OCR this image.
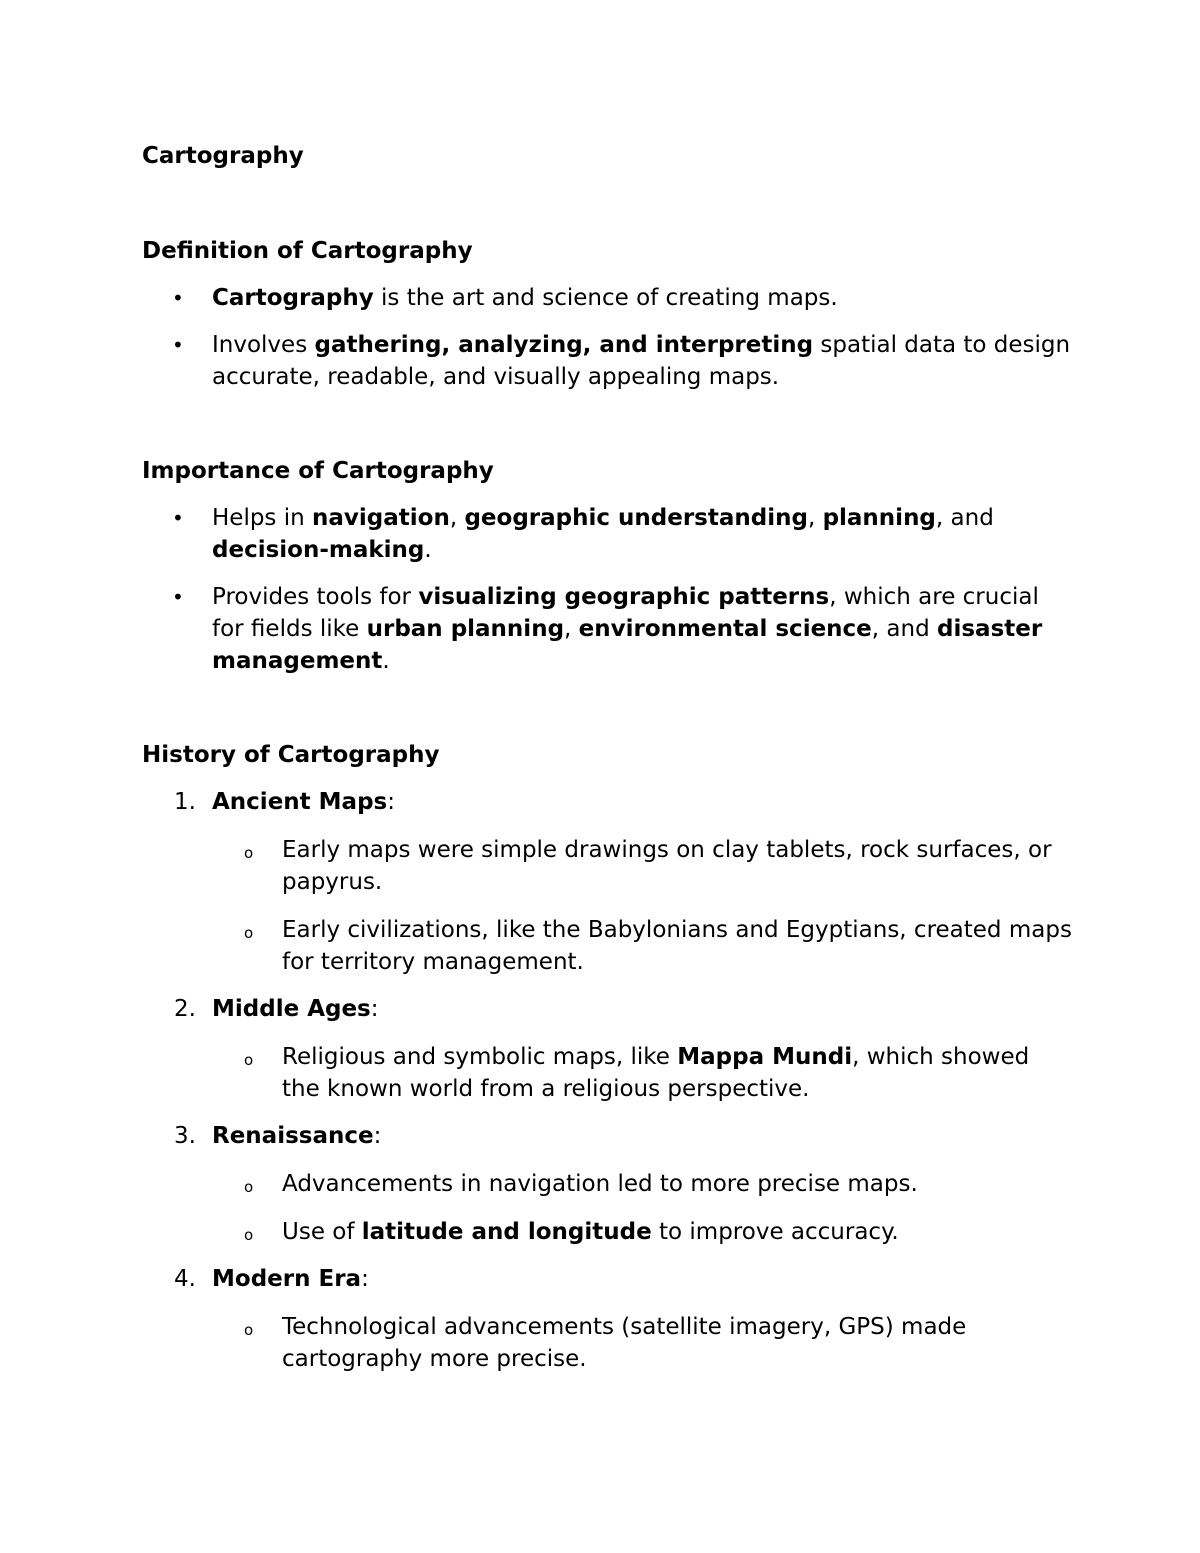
Cartography

Definition of Cartography

• Cartography is the art and science of creating maps.
• Involves gathering, analyzing, and interpreting spatial data to design accurate, readable, and visually appealing maps.

Importance of Cartography

• Helps in navigation, geographic understanding, planning, and decision-making.
• Provides tools for visualizing geographic patterns, which are crucial for fields like urban planning, environmental science, and disaster management.

History of Cartography

1. Ancient Maps:
o Early maps were simple drawings on clay tablets, rock surfaces, or papyrus.
o Early civilizations, like the Babylonians and Egyptians, created maps for territory management.
2. Middle Ages:
o Religious and symbolic maps, like Mappa Mundi, which showed the known world from a religious perspective.
3. Renaissance:
o Advancements in navigation led to more precise maps.
o Use of latitude and longitude to improve accuracy.
4. Modern Era:
o Technological advancements (satellite imagery, GPS) made cartography more precise.
